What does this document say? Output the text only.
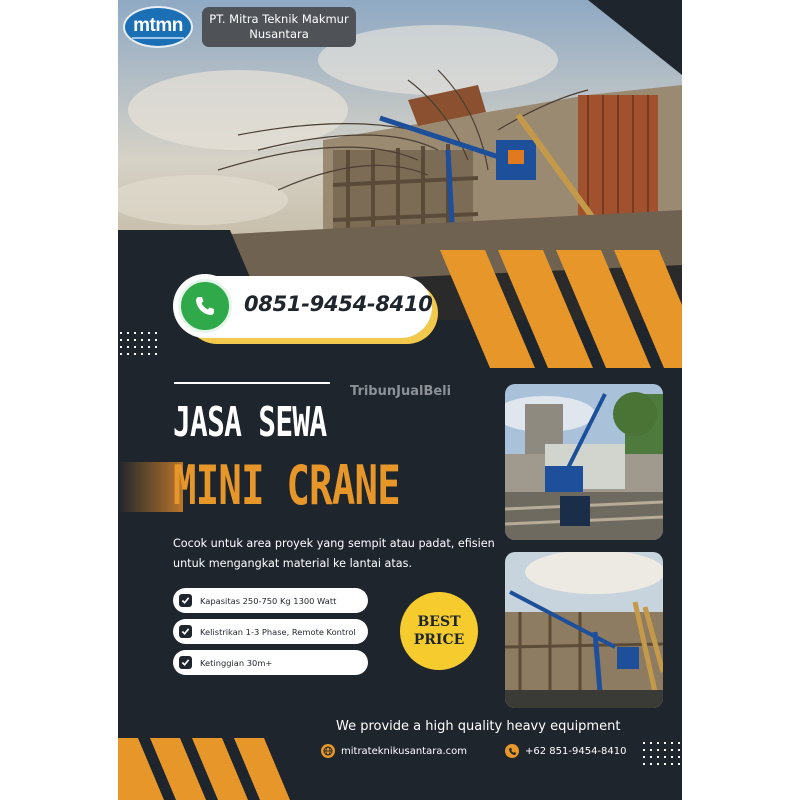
mtmn	PT. Mitra Teknik Makmur Nusantara
0851-9454-8410
TribunJualBeli
JASA SEWA
MINI CRANE
Cocok untuk area proyek yang sempit atau padat, efisien untuk mengangkat material ke lantai atas.
Kapasitas 250-750 Kg 1300 Watt
Kelistrikan 1-3 Phase, Remote Kontrol
Ketinggian 30m+
BEST
PRICE
We provide a high quality heavy equipment
mitrateknikusantara.com	+62 851-9454-8410
